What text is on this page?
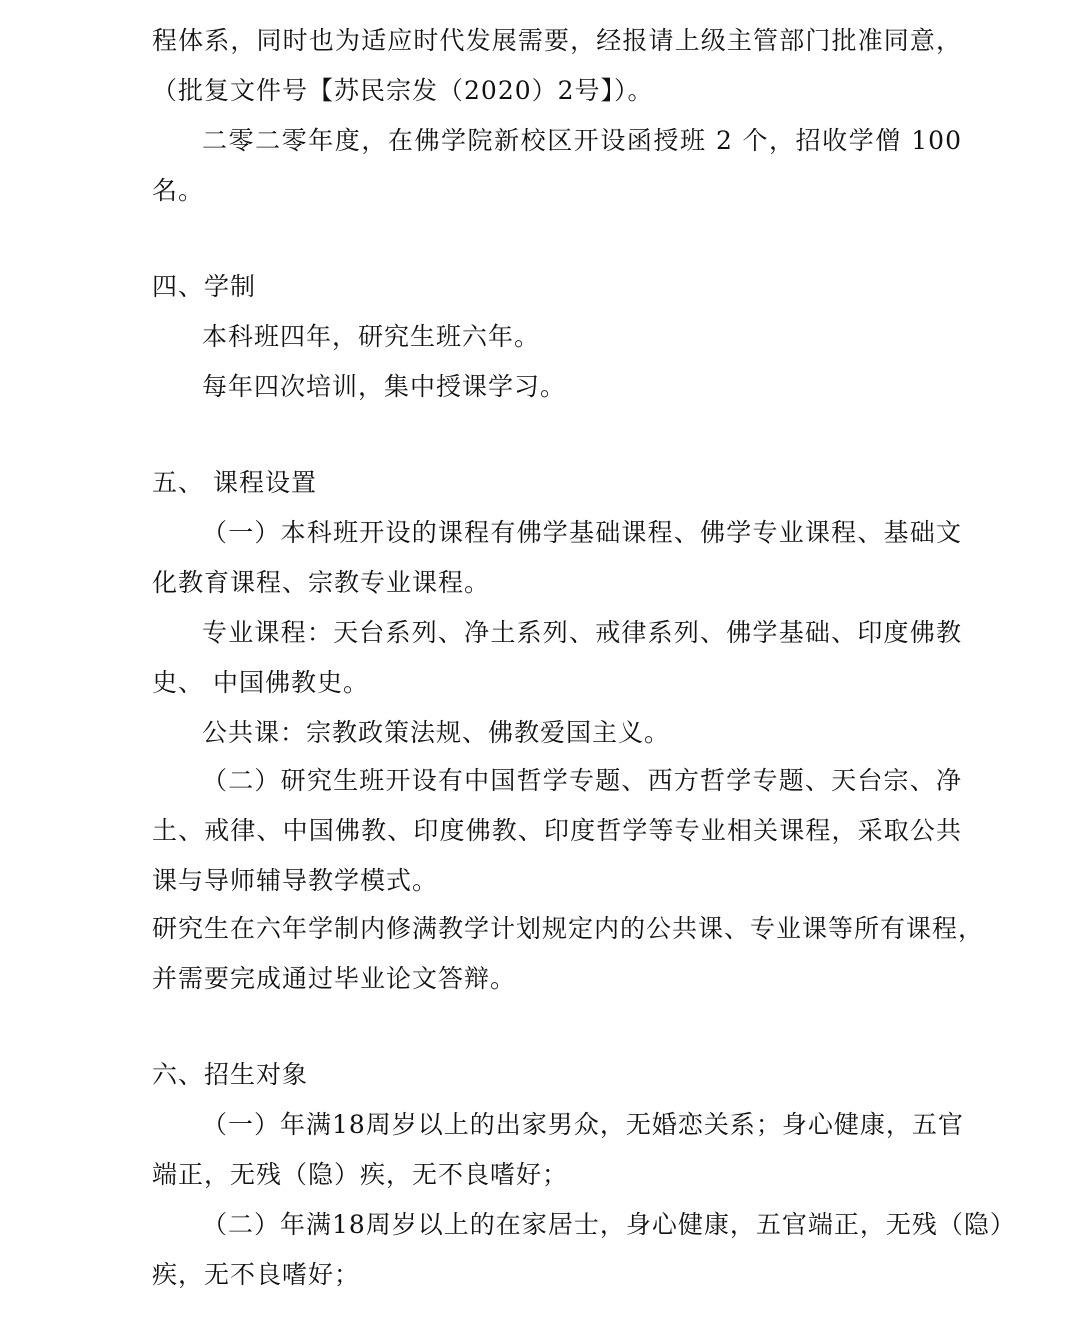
程体系，同时也为适应时代发展需要，经报请上级主管部门批准同意，
（批复文件号【苏民宗发（2020）2号】）。
二零二零年度，在佛学院新校区开设函授班 2 个，招收学僧 100
名。
四、学制
本科班四年，研究生班六年。
每年四次培训，集中授课学习。
五、 课程设置
（一）本科班开设的课程有佛学基础课程、佛学专业课程、基础文
化教育课程、宗教专业课程。
专业课程：天台系列、净土系列、戒律系列、佛学基础、印度佛教
史、 中国佛教史。
公共课：宗教政策法规、佛教爱国主义。
（二）研究生班开设有中国哲学专题、西方哲学专题、天台宗、净
土、戒律、中国佛教、印度佛教、印度哲学等专业相关课程，采取公共
课与导师辅导教学模式。
研究生在六年学制内修满教学计划规定内的公共课、专业课等所有课程，
并需要完成通过毕业论文答辩。
六、招生对象
（一）年满18周岁以上的出家男众，无婚恋关系；身心健康，五官
端正，无残（隐）疾，无不良嗜好；
（二）年满18周岁以上的在家居士，身心健康，五官端正，无残（隐）
疾，无不良嗜好；
